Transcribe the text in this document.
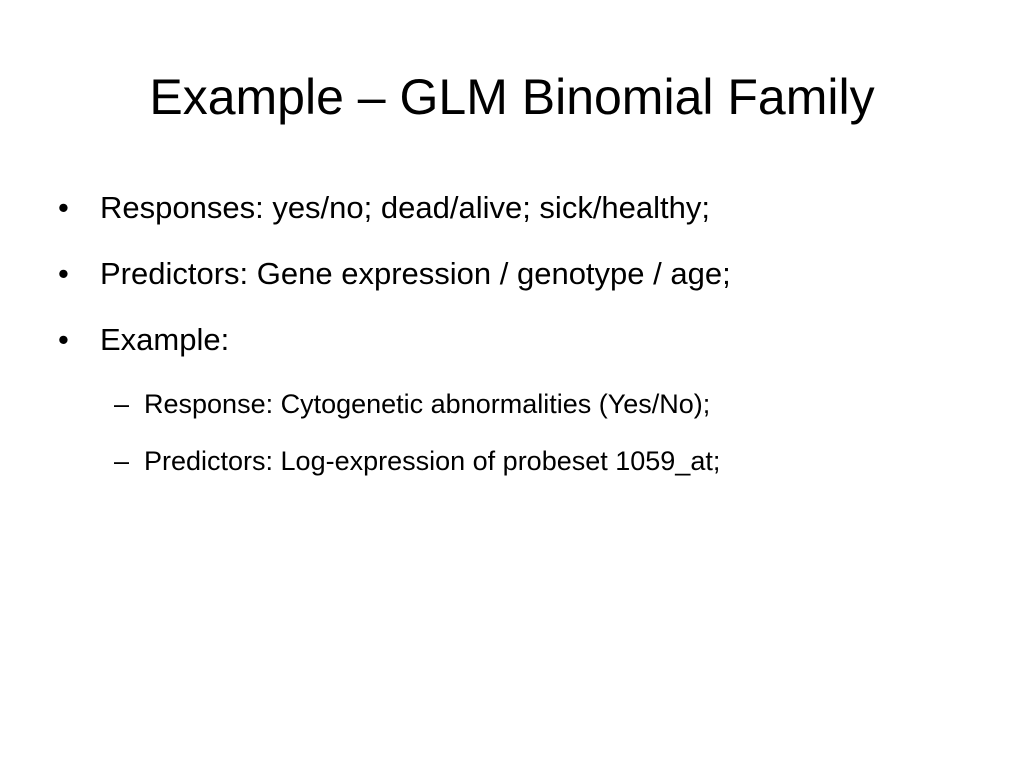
Example – GLM Binomial Family
• Responses: yes/no; dead/alive; sick/healthy;
• Predictors: Gene expression / genotype / age;
• Example:
– Response: Cytogenetic abnormalities (Yes/No);
– Predictors: Log-expression of probeset 1059_at;
